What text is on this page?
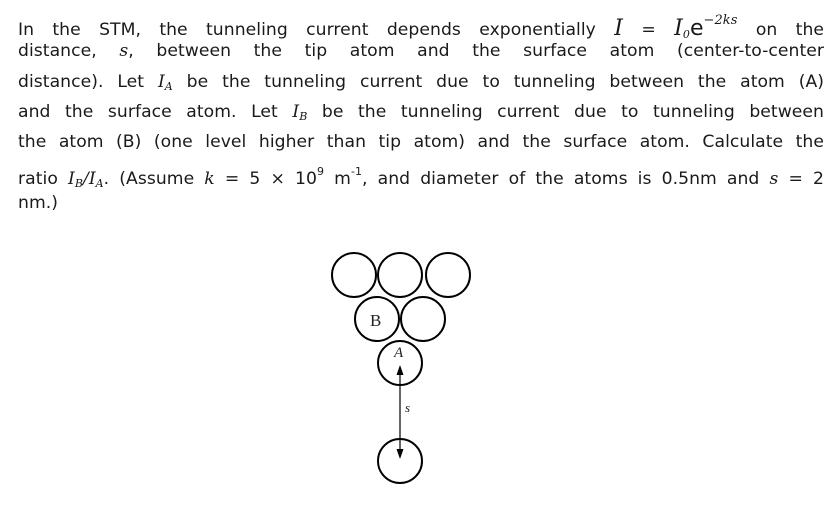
In the STM, the tunneling current depends exponentially $I = I_0e^{-2ks}$ on the
distance, s, between the tip atom and the surface atom (center-to-center
distance). Let $I_A$ be the tunneling current due to tunneling between the atom (A)
and the surface atom. Let $I_B$ be the tunneling current due to tunneling between
the atom (B) (one level higher than tip atom) and the surface atom. Calculate the
ratio $I_B/I_A$. (Assume $k = 5 \times 10^9$ $m^{-1}$, and diameter of the atoms is 0.5nm and s = 2
nm.)
B
A
s
